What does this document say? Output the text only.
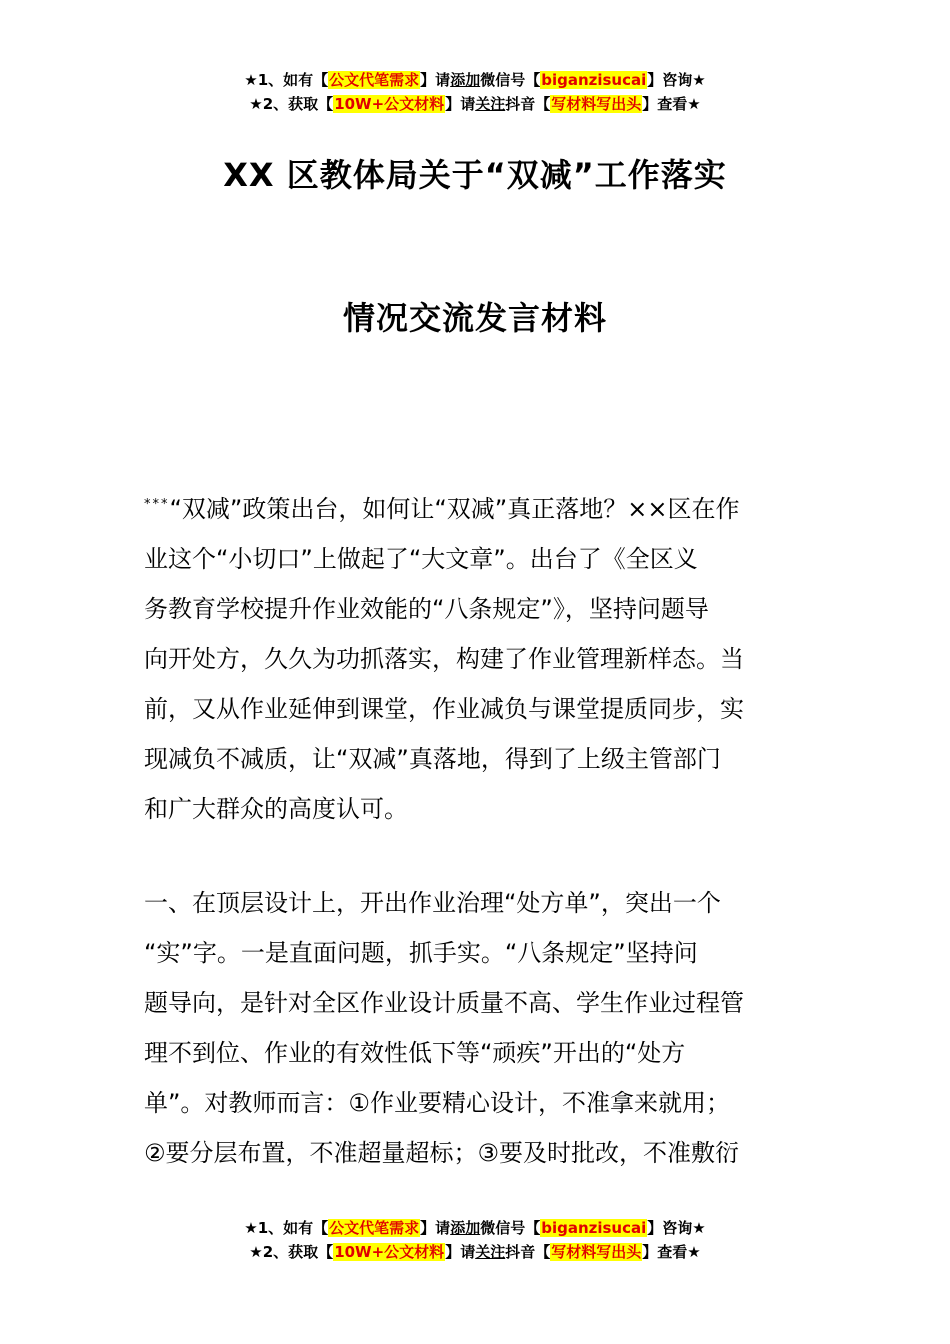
★1、如有【公文代笔需求】请添加微信号【biganzisucai】咨询★
★2、获取【10W+公文材料】请关注抖音【写材料写出头】查看★
XX 区教体局关于“双减”工作落实
情况交流发言材料
***“双减”政策出台，如何让“双减”真正落地？××区在作
业这个“小切口”上做起了“大文章”。出台了《全区义
务教育学校提升作业效能的“八条规定”》，坚持问题导
向开处方，久久为功抓落实，构建了作业管理新样态。当
前，又从作业延伸到课堂，作业减负与课堂提质同步，实
现减负不减质，让“双减”真落地，得到了上级主管部门
和广大群众的高度认可。
一、在顶层设计上，开出作业治理“处方单”，突出一个
“实”字。一是直面问题，抓手实。“八条规定”坚持问
题导向，是针对全区作业设计质量不高、学生作业过程管
理不到位、作业的有效性低下等“顽疾”开出的“处方
单”。对教师而言：①作业要精心设计，不准拿来就用；
②要分层布置，不准超量超标；③要及时批改，不准敷衍
★1、如有【公文代笔需求】请添加微信号【biganzisucai】咨询★
★2、获取【10W+公文材料】请关注抖音【写材料写出头】查看★
